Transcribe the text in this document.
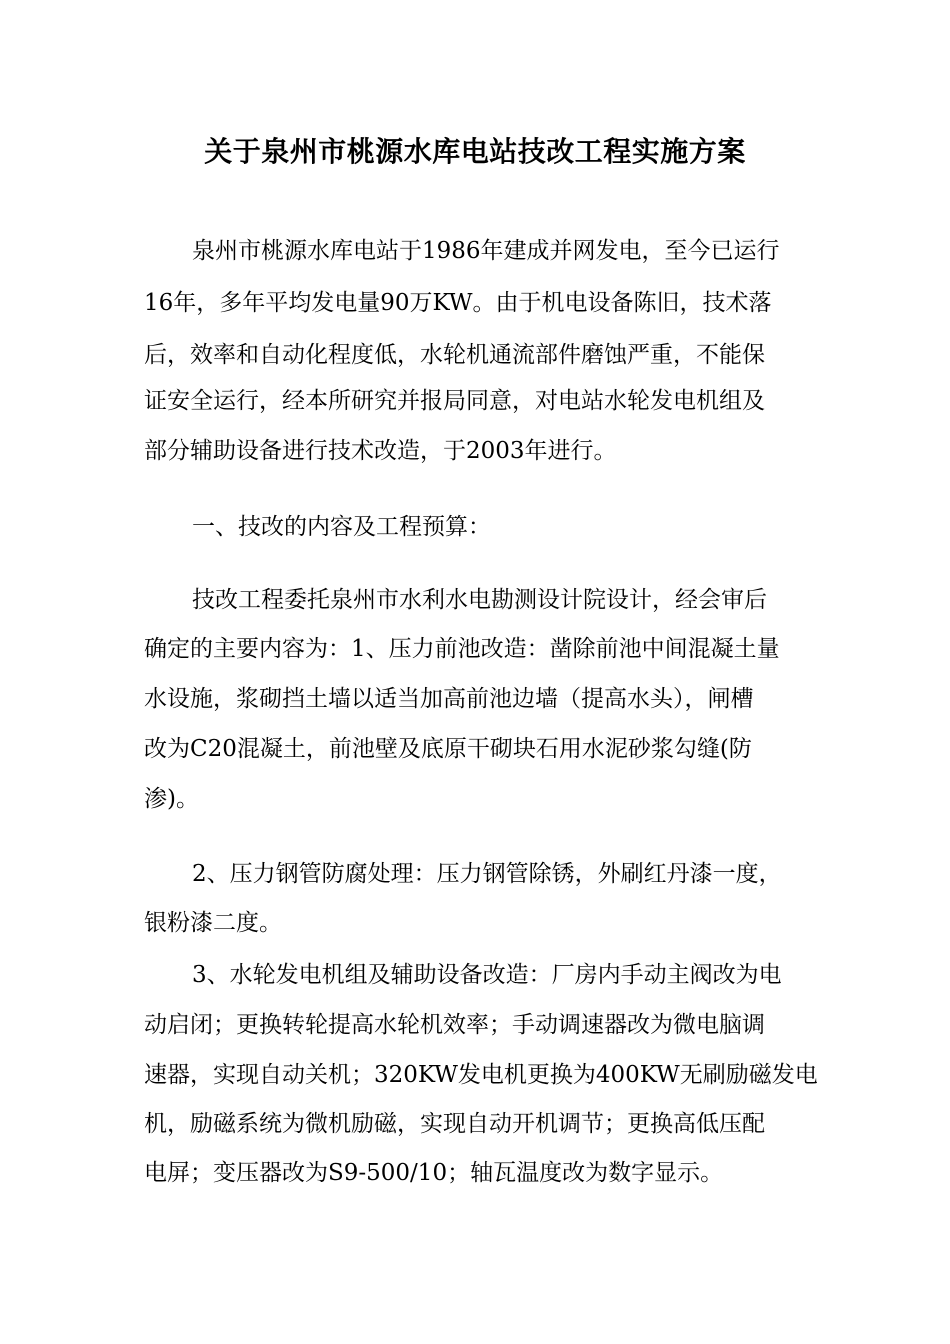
关于泉州市桃源水库电站技改工程实施方案

泉州市桃源水库电站于1986年建成并网发电，至今已运行

16年，多年平均发电量90万KW。由于机电设备陈旧，技术落

后，效率和自动化程度低，水轮机通流部件磨蚀严重，不能保

证安全运行，经本所研究并报局同意，对电站水轮发电机组及

部分辅助设备进行技术改造，于2003年进行。

一、技改的内容及工程预算：

技改工程委托泉州市水利水电勘测设计院设计，经会审后

确定的主要内容为：1、压力前池改造：凿除前池中间混凝土量

水设施，浆砌挡土墙以适当加高前池边墙（提高水头），闸槽

改为C20混凝土，前池壁及底原干砌块石用水泥砂浆勾缝(防

渗)。

2、压力钢管防腐处理：压力钢管除锈，外刷红丹漆一度，

银粉漆二度。

3、水轮发电机组及辅助设备改造：厂房内手动主阀改为电

动启闭；更换转轮提高水轮机效率；手动调速器改为微电脑调

速器，实现自动关机；320KW发电机更换为400KW无刷励磁发电

机，励磁系统为微机励磁，实现自动开机调节；更换高低压配

电屏；变压器改为S9-500/10；轴瓦温度改为数字显示。
